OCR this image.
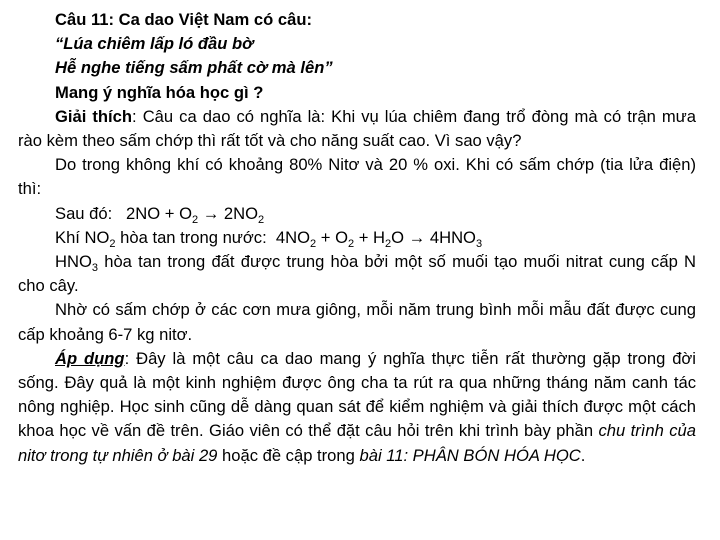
Câu 11: Ca dao Việt Nam có câu:

“Lúa chiêm lấp ló đầu bờ

Hễ nghe tiếng sấm phất cờ mà lên”

Mang ý nghĩa hóa học gì ?

Giải thích: Câu ca dao có nghĩa là: Khi vụ lúa chiêm đang trổ đòng mà có trận mưa rào kèm theo sấm chớp thì rất tốt và cho năng suất cao. Vì sao vậy?

Do trong không khí có khoảng 80% Nitơ và 20 % oxi. Khi có sấm chớp (tia lửa điện) thì:

Sau đó:   $2NO + O_2 \to 2NO_2$

Khí $NO_2$ hòa tan trong nước:  $4NO_2 + O_2 + H_2O \to 4HNO_3$

$HNO_3$ hòa tan trong đất được trung hòa bởi một số muối tạo muối nitrat cung cấp N cho cây.

Nhờ có sấm chớp ở các cơn mưa giông, mỗi năm trung bình mỗi mẫu đất được cung cấp khoảng 6-7 kg nitơ.

Áp dụng: Đây là một câu ca dao mang ý nghĩa thực tiễn rất thường gặp trong đời sống. Đây quả là một kinh nghiệm được ông cha ta rút ra qua những tháng năm canh tác nông nghiệp. Học sinh cũng dễ dàng quan sát để kiểm nghiệm và giải thích được một cách khoa học về vấn đề trên. Giáo viên có thể đặt câu hỏi trên khi trình bày phần chu trình của nitơ trong tự nhiên ở bài 29 hoặc đề cập trong bài 11: PHÂN BÓN HÓA HỌC.
